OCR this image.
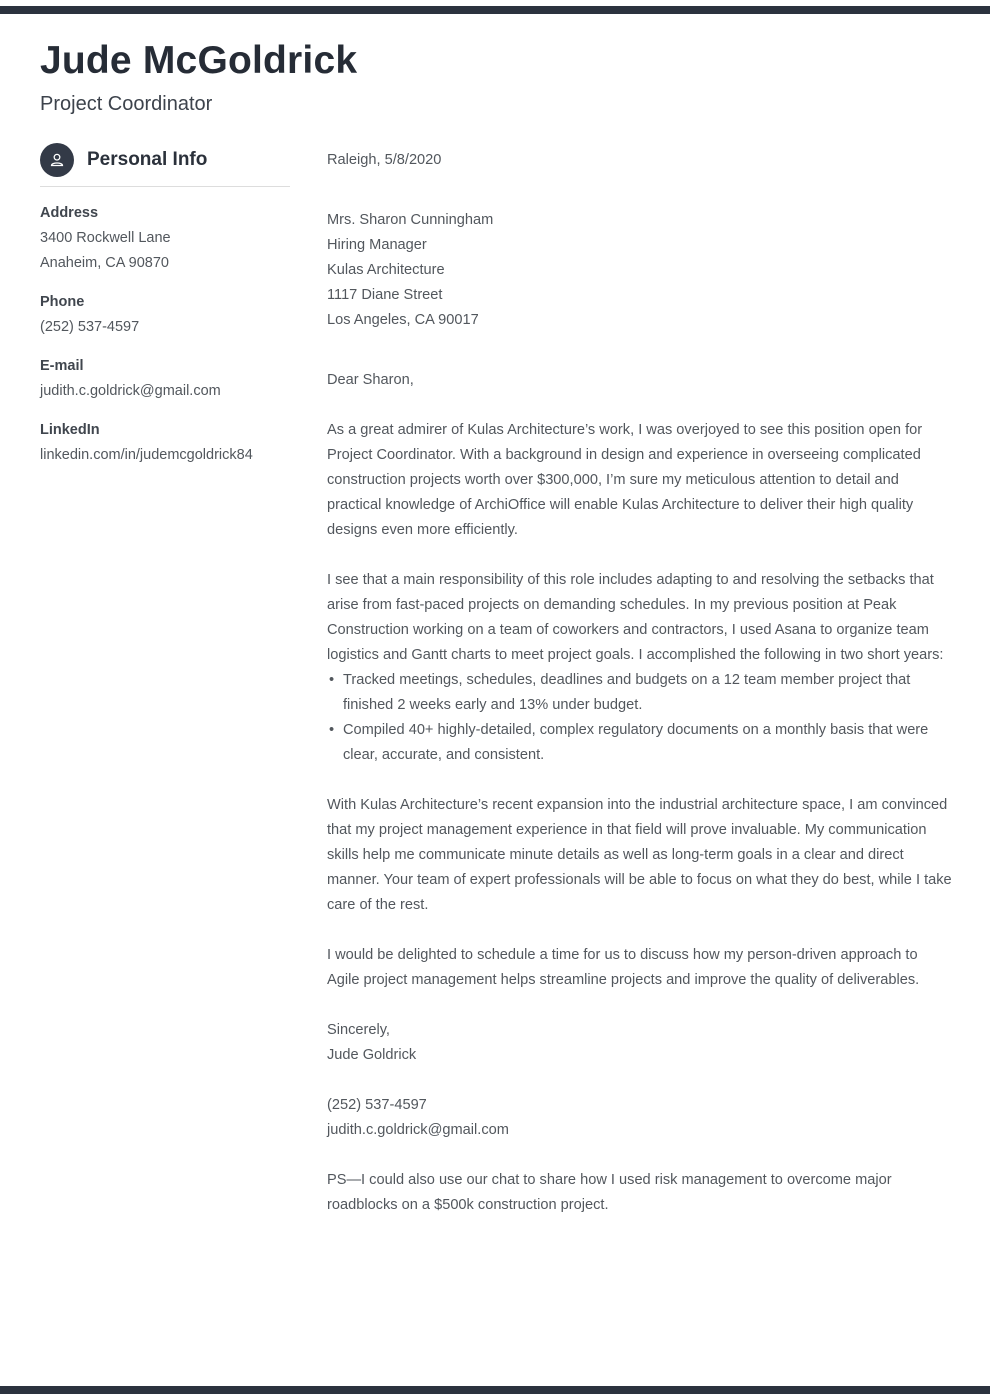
Jude McGoldrick
Project Coordinator
Personal Info
Address
3400 Rockwell Lane
Anaheim, CA 90870
Phone
(252) 537-4597
E-mail
judith.c.goldrick@gmail.com
LinkedIn
linkedin.com/in/judemcgoldrick84
Raleigh, 5/8/2020
Mrs. Sharon Cunningham
Hiring Manager
Kulas Architecture
1117 Diane Street
Los Angeles, CA 90017
Dear Sharon,

As a great admirer of Kulas Architecture’s work, I was overjoyed to see this position open for Project Coordinator. With a background in design and experience in overseeing complicated construction projects worth over $300,000, I’m sure my meticulous attention to detail and practical knowledge of ArchiOffice will enable Kulas Architecture to deliver their high quality designs even more efficiently.

I see that a main responsibility of this role includes adapting to and resolving the setbacks that arise from fast-paced projects on demanding schedules. In my previous position at Peak Construction working on a team of coworkers and contractors, I used Asana to organize team logistics and Gantt charts to meet project goals. I accomplished the following in two short years:

• Tracked meetings, schedules, deadlines and budgets on a 12 team member project that finished 2 weeks early and 13% under budget.
• Compiled 40+ highly-detailed, complex regulatory documents on a monthly basis that were clear, accurate, and consistent.

With Kulas Architecture’s recent expansion into the industrial architecture space, I am convinced that my project management experience in that field will prove invaluable. My communication skills help me communicate minute details as well as long-term goals in a clear and direct manner. Your team of expert professionals will be able to focus on what they do best, while I take care of the rest.

I would be delighted to schedule a time for us to discuss how my person-driven approach to Agile project management helps streamline projects and improve the quality of deliverables.

Sincerely,
Jude Goldrick
(252) 537-4597
judith.c.goldrick@gmail.com

PS—I could also use our chat to share how I used risk management to overcome major roadblocks on a $500k construction project.
